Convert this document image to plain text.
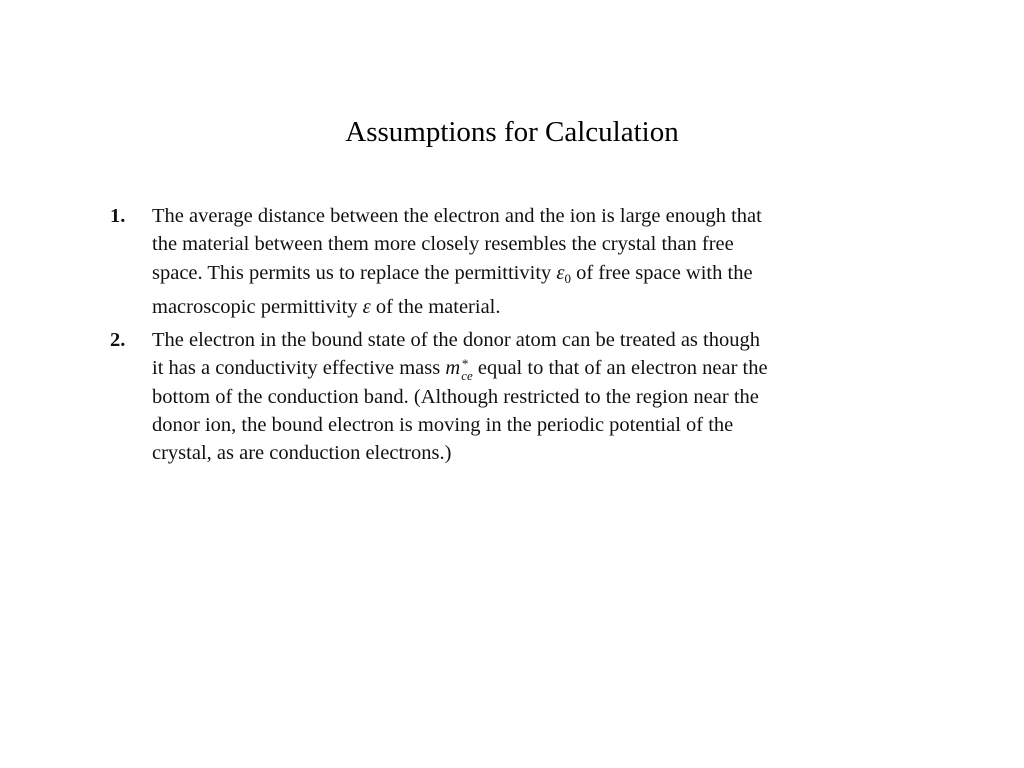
Assumptions for Calculation
1. The average distance between the electron and the ion is large enough that
the material between them more closely resembles the crystal than free
space. This permits us to replace the permittivity $\varepsilon_0$ of free space with the
macroscopic permittivity ε of the material.
2. The electron in the bound state of the donor atom can be treated as though
it has a conductivity effective mass m *
ce equal to that of an electron near the
bottom of the conduction band. (Although restricted to the region near the
donor ion, the bound electron is moving in the periodic potential of the
crystal, as are conduction electrons.)
